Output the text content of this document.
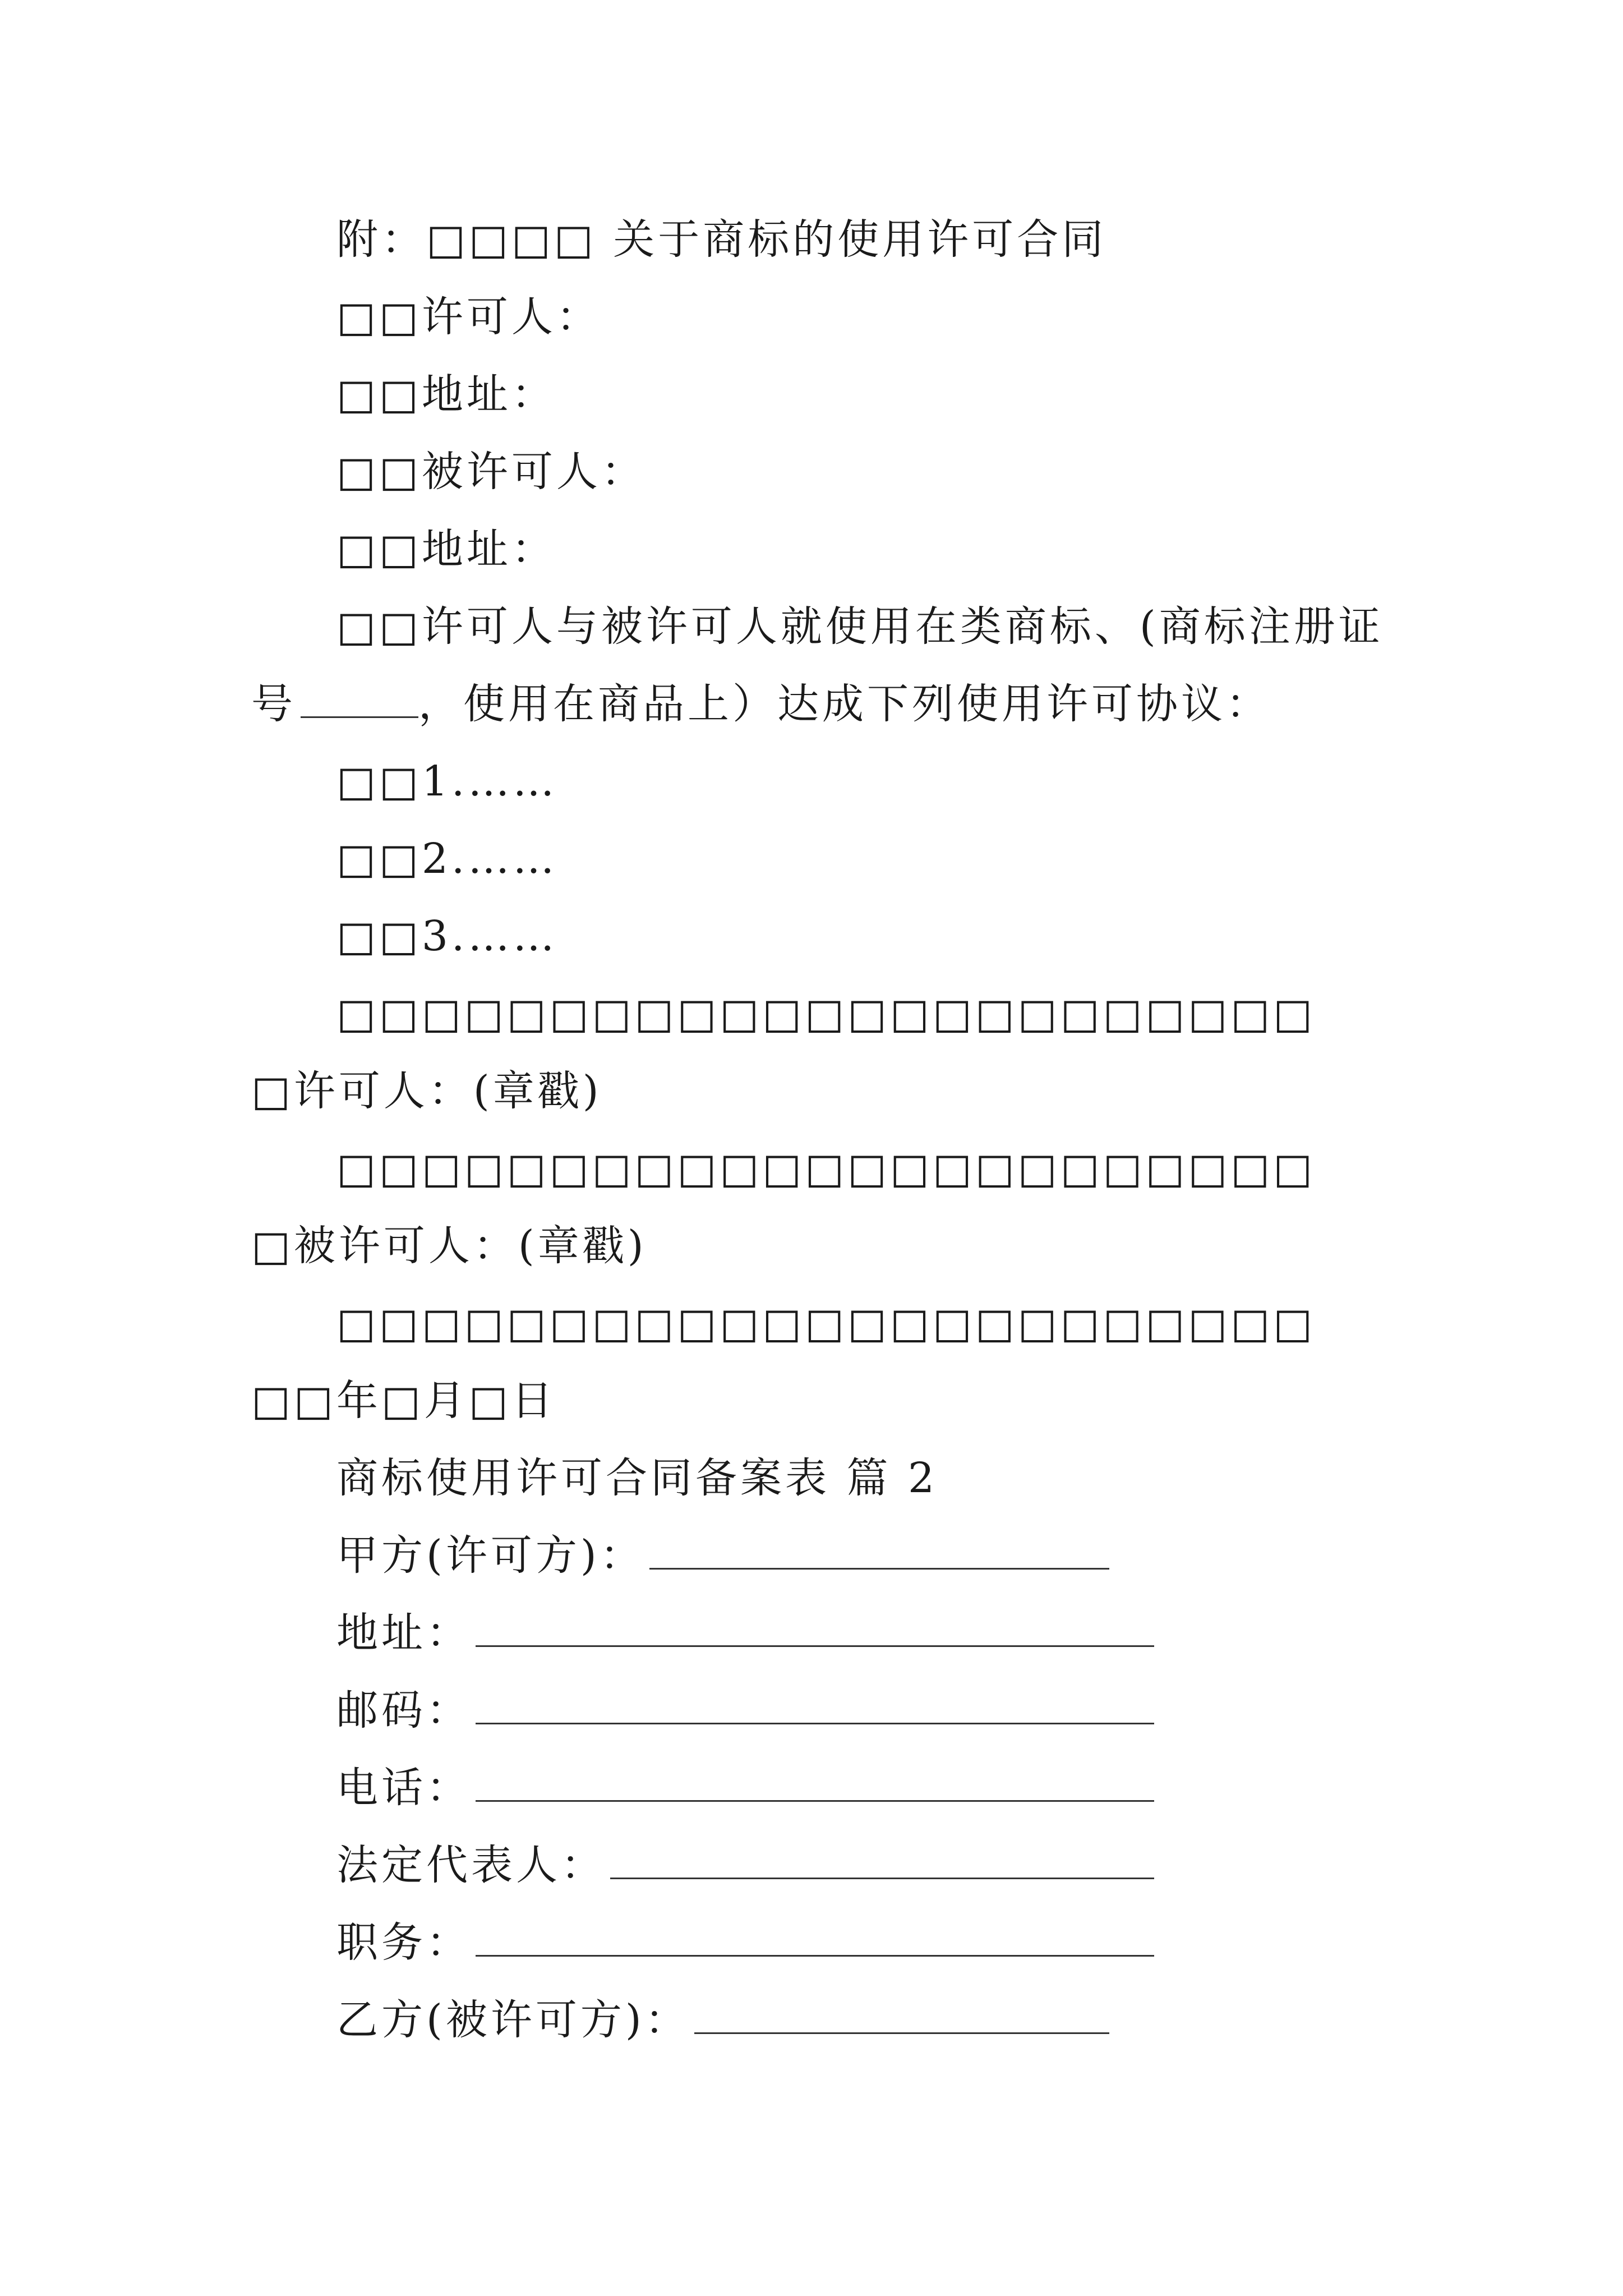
附：□□□□ 关于商标的使用许可合同
□□许可人：
□□地址：
□□被许可人：
□□地址：
□□许可人与被许可人就使用在类商标、(商标注册证
号	，使用在商品上）达成下列使用许可协议：
□□1.……
□□2.……
□□3.……
□□□□□□□□□□□□□□□□□□□□□□□
□许可人：(章戳)
□□□□□□□□□□□□□□□□□□□□□□□
□被许可人：(章戳)
□□□□□□□□□□□□□□□□□□□□□□□
□□年□月□日
商标使用许可合同备案表 篇 2
甲方(许可方)：
地址：
邮码：
电话：
法定代表人：
职务：
乙方(被许可方)：
